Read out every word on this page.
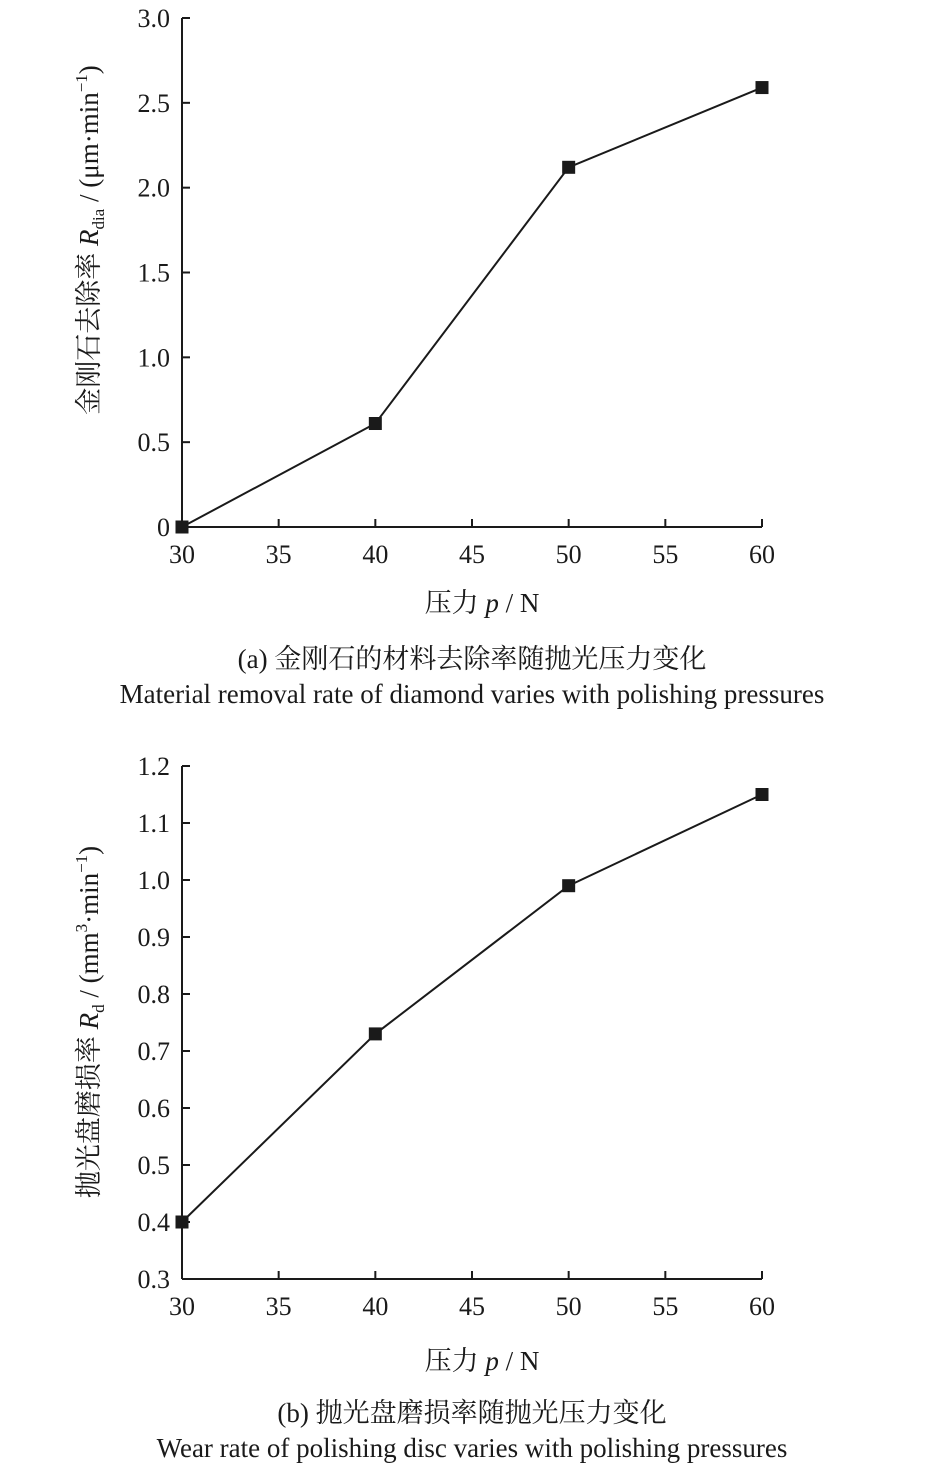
30	35	40	45	50	55	60
0
0.5
1.0
1.5
2.0
2.5
3.0
压力 p / N
金刚石去除率 $R_{dia} / (\mu m\cdot\min^{-1})$
(a) 金刚石的材料去除率随抛光压力变化
Material removal rate of diamond varies with polishing pressures
30	35	40	45	50	55	60
0.3
0.4
0.5
0.6
0.7
0.8
0.9
1.0
1.1
1.2
压力 p / N
抛光盘磨损率 $R_d / (mm^3\cdot\min^{-1})$
(b) 抛光盘磨损率随抛光压力变化
Wear rate of polishing disc varies with polishing pressures
